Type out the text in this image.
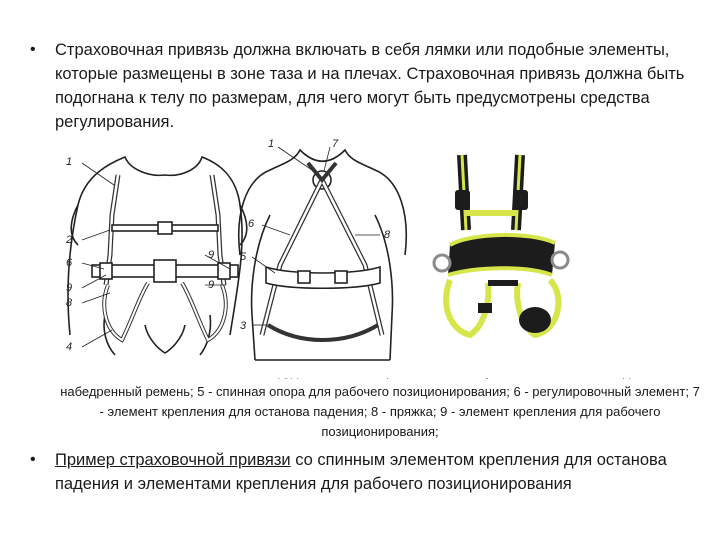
• Страховочная привязь должна включать в себя лямки или подобные элементы, которые размещены в зоне таза и на плечах. Страховочная привязь должна быть подогнана к телу по размерам, для чего могут быть предусмотрены средства регулирования.
набедренный ремень; 5 - спинная опора для рабочего позиционирования; 6 - регулировочный элемент; 7 - элемент крепления для останова падения; 8 - пряжка; 9 - элемент крепления для рабочего позиционирования;
1
2
6
9
8
4
9
9
1	7
6
8
5
3
• Пример страховочной привязи со спинным элементом крепления для останова падения и элементами крепления для рабочего позиционирования
